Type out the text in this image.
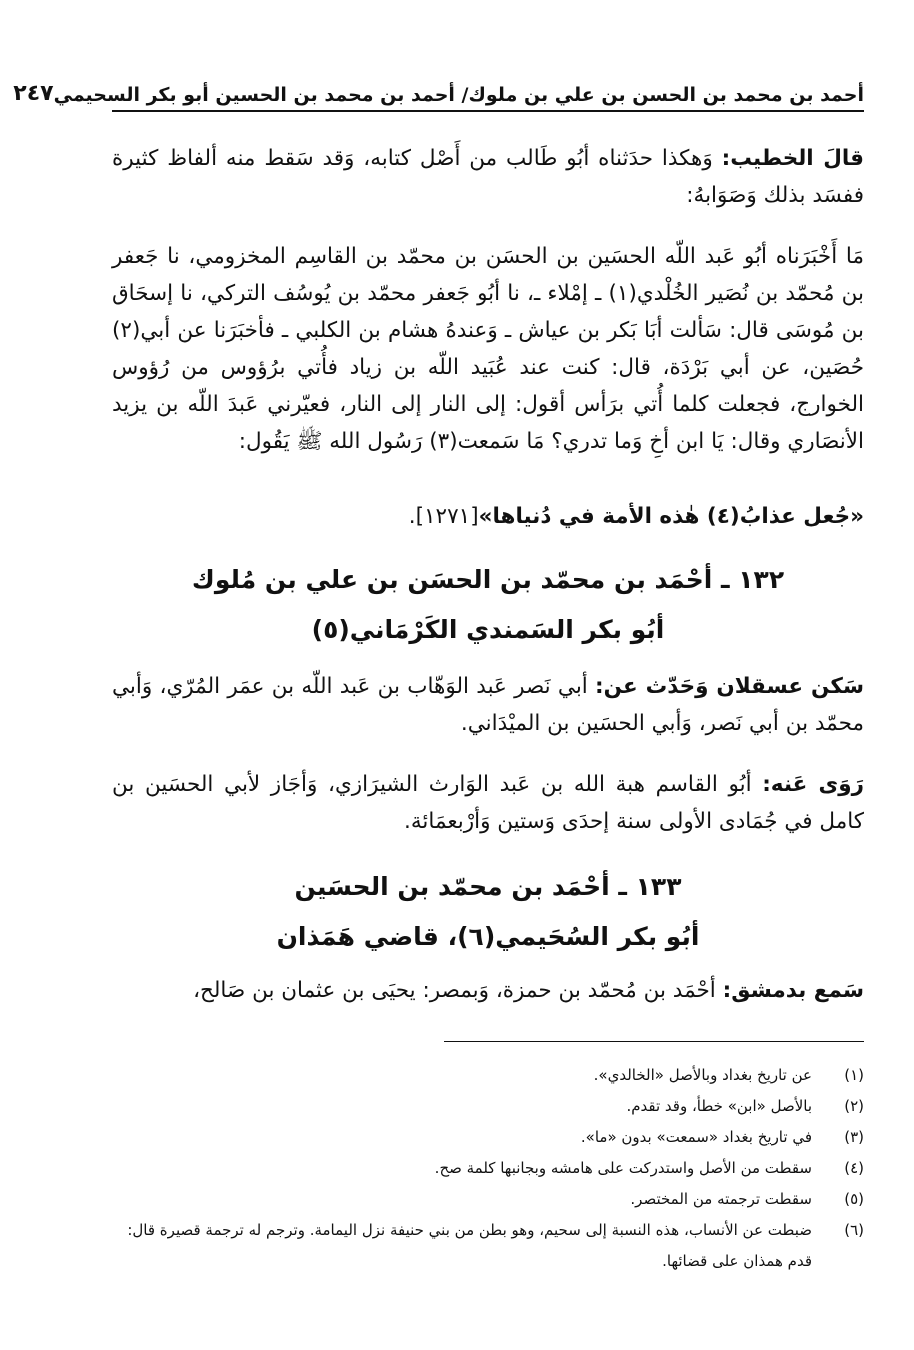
أحمد بن محمد بن الحسن بن علي بن ملوك/ أحمد بن محمد بن الحسين أبو بكر السحيمي
٢٤٧
قالَ الخطيب: وَهكذا حدَثناه أبُو طَالب من أَصْل كتابه، وَقد سَقط منه ألفاظ كثيرة ففسَد بذلك وَصَوَابهُ:
مَا أَخْبَرَناه أبُو عَبد اللّه الحسَين بن الحسَن بن محمّد بن القاسِم المخزومي، نا جَعفر بن مُحمّد بن نُصَير الخُلْدي(١) ـ إمْلاء ـ، نا أبُو جَعفر محمّد بن يُوسُف التركي، نا إسحَاق بن مُوسَى قال: سَألت أبَا بَكر بن عياش ـ وَعندهُ هشام بن الكلبي ـ فأخبَرَنا عن أبي(٢) حُصَين، عن أبي بَرْدَة، قال: كنت عند عُبَيد اللّه بن زياد فأُتي برُؤوس من رُؤوس الخوارج، فجعلت كلما أُتي برَأس أقول: إلى النار إلى النار، فعيّرني عَبدَ اللّه بن يزيد الأنصَاري وقال: يَا ابن أخِ وَما تدري؟ مَا سَمعت(٣) رَسُول الله ﷺ يَقُول:
«جُعل عذابُ(٤) هٰذه الأمة في دُنياها»[١٢٧١].
١٣٢ ـ أحْمَد بن محمّد بن الحسَن بن علي بن مُلوك
أبُو بكر السَمندي الكَرْمَاني(٥)
سَكن عسقلان وَحَدّث عن: أبي نَصر عَبد الوَهّاب بن عَبد اللّه بن عمَر المُرّي، وَأبي محمّد بن أبي نَصر، وَأبي الحسَين بن الميْدَاني.
رَوَى عَنه: أبُو القاسم هبة الله بن عَبد الوَارث الشيرَازي، وَأجَاز لأبي الحسَين بن كامل في جُمَادى الأولى سنة إحدَى وَستين وَأرْبعمَائة.
١٣٣ ـ أحْمَد بن محمّد بن الحسَين
أبُو بكر السُحَيمي(٦)، قاضي هَمَذان
سَمع بدمشق: أحْمَد بن مُحمّد بن حمزة، وَبمصر: يحيَى بن عثمان بن صَالح،
(١)
عن تاريخ بغداد وبالأصل «الخالدي».
(٢)
بالأصل «ابن» خطأ، وقد تقدم.
(٣)
في تاريخ بغداد «سمعت» بدون «ما».
(٤)
سقطت من الأصل واستدركت على هامشه وبجانبها كلمة صح.
(٥)
سقطت ترجمته من المختصر.
(٦)
ضبطت عن الأنساب، هذه النسبة إلى سحيم، وهو بطن من بني حنيفة نزل اليمامة. وترجم له ترجمة قصيرة قال: قدم همذان على قضائها.
